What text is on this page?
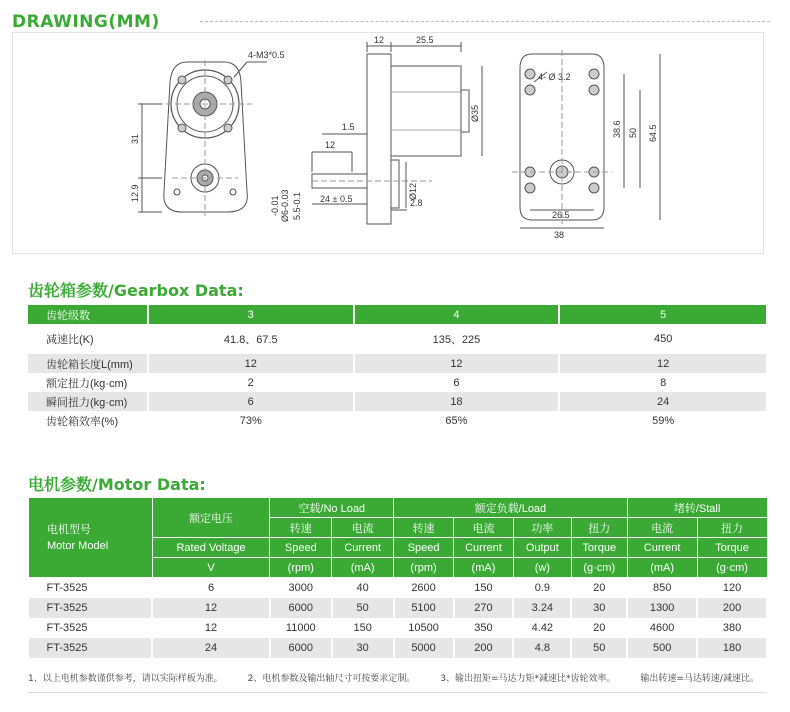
DRAWING(MM)
4-M3*0.5
31
12.9
12	25.5
Ø35
1.5
12
Ø12
Ø6-0.03
-0.01 5.5-0.1 24 ± 0.5	2.8
4- Ø 3.2
38.6 50 64.5
26.5
38
齿轮箱参数/Gearbox Data:
齿轮级数	3	4	5
减速比(K)	41.8、67.5	135、225	450
齿轮箱长度L(mm)	12	12	12
额定扭力(kg·cm)	2	6	8
瞬间扭力(kg·cm)	6	18	24
齿轮箱效率(%)	73%	65%	59%
电机参数/Motor Data:
电机型号
Motor Model	额定电压	空载/No Load		额定负载/Load				堵转/Stall	
		转速	电流	转速	电流	功率	扭力	电流	扭力
	Rated Voltage	Speed	Current	Speed	Current	Output	Torque	Current	Torque
	V	(rpm)	(mA)	(rpm)	(mA)	(w)	(g·cm)	(mA)	(g·cm)
FT-3525	6	3000	40	2600	150	0.9	20	850	120
FT-3525	12	6000	50	5100	270	3.24	30	1300	200
FT-3525	12	11000	150	10500	350	4.42	20	4600	380
FT-3525	24	6000	30	5000	200	4.8	50	500	180
1、以上电机参数谨供参考，请以实际样板为准。	2、电机参数及输出轴尺寸可按要求定制。	3、输出扭矩=马达力矩*减速比*齿轮效率。	输出转速=马达转速/减速比。
